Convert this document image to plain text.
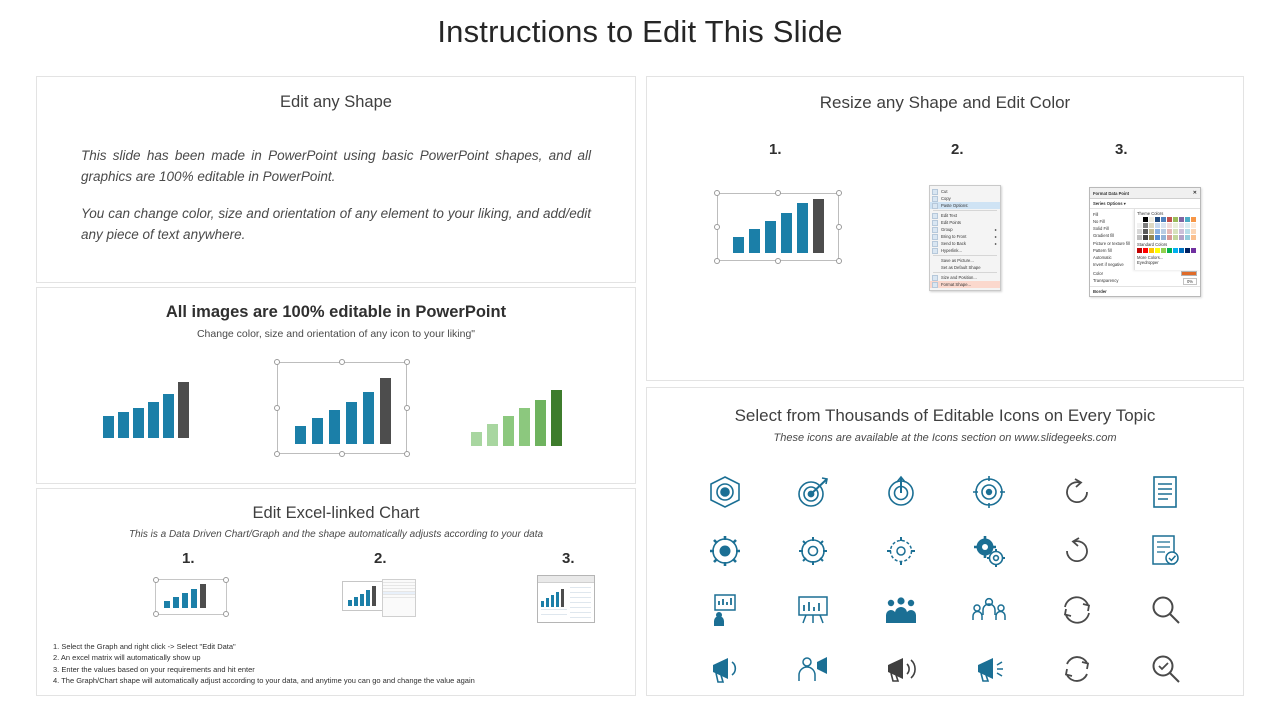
Instructions to Edit This Slide
Edit any Shape
This slide has been made in PowerPoint using basic PowerPoint shapes, and all graphics are 100% editable in PowerPoint.
You can change color, size and orientation of any element to your liking, and add/edit any piece of text anywhere.
All images are 100% editable in PowerPoint
Change color, size and orientation of any icon to your liking"
Edit Excel-linked Chart
This is a Data Driven Chart/Graph and the shape automatically adjusts according to your data
1.	2.	3.
1. Select the Graph and right click -> Select "Edit Data"
2. An excel matrix will automatically show up
3. Enter the values based on your requirements and hit enter
4. The Graph/Chart shape will automatically adjust according to your data, and anytime you can go and change the value again
Resize any Shape and Edit Color
1.	2.	3.
Cut
Copy
Paste Options:
Edit Text
Edit Points
Group	▸
Bring to Front	▸
Send to Back	▸
Hyperlink...
Save as Picture...
Set as Default Shape
Size and Position...
Format Shape...
Format Data Point	✕
Series Options ▾
Fill
No Fill
Solid Fill
Gradient fill
Picture or texture fill
Pattern fill
Automatic
Invert if negative
Theme Colors
Standard Colors
More Colors...
Eyedropper
Color
Transparency	0%
Border
Select from Thousands of Editable Icons on Every Topic
These icons are available at the Icons section on www.slidegeeks.com
